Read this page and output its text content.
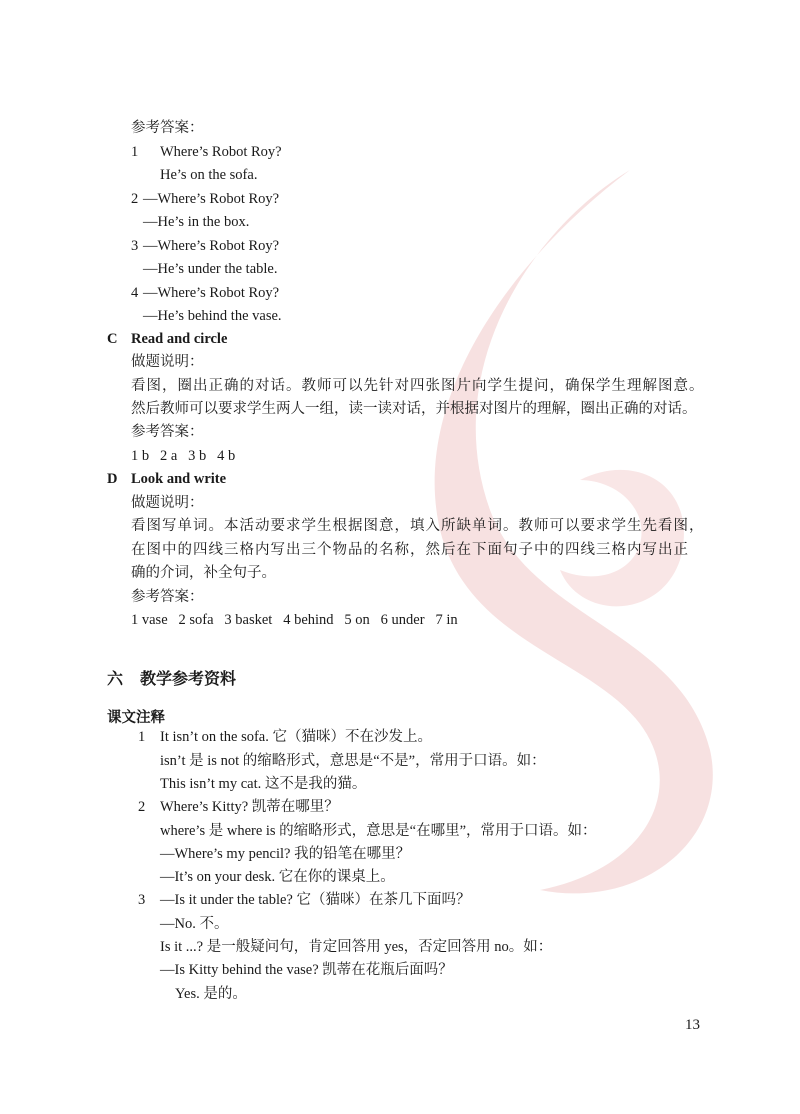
参考答案：
1 Where’s Robot Roy?
He’s on the sofa.
2 —Where’s Robot Roy?
—He’s in the box.
3 —Where’s Robot Roy?
—He’s under the table.
4 —Where’s Robot Roy?
—He’s behind the vase.
C Read and circle
做题说明：
看图，圈出正确的对话。教师可以先针对四张图片向学生提问，确保学生理解图意。
然后教师可以要求学生两人一组，读一读对话，并根据对图片的理解，圈出正确的对话。
参考答案：
1 b   2 a   3 b   4 b
D Look and write
做题说明：
看图写单词。本活动要求学生根据图意，填入所缺单词。教师可以要求学生先看图，
在图中的四线三格内写出三个物品的名称，然后在下面句子中的四线三格内写出正
确的介词，补全句子。
参考答案：
1 vase   2 sofa   3 basket   4 behind   5 on   6 under   7 in
六 教学参考资料
课文注释
1 It isn’t on the sofa. 它（猫咪）不在沙发上。
isn’t 是 is not 的缩略形式，意思是“不是”，常用于口语。如：
This isn’t my cat. 这不是我的猫。
2 Where’s Kitty? 凯蒂在哪里？
where’s 是 where is 的缩略形式，意思是“在哪里”，常用于口语。如：
—Where’s my pencil? 我的铅笔在哪里？
—It’s on your desk. 它在你的课桌上。
3 —Is it under the table? 它（猫咪）在茶几下面吗？
—No. 不。
Is it ...? 是一般疑问句，肯定回答用 yes，否定回答用 no。如：
—Is Kitty behind the vase? 凯蒂在花瓶后面吗？
Yes. 是的。
13
